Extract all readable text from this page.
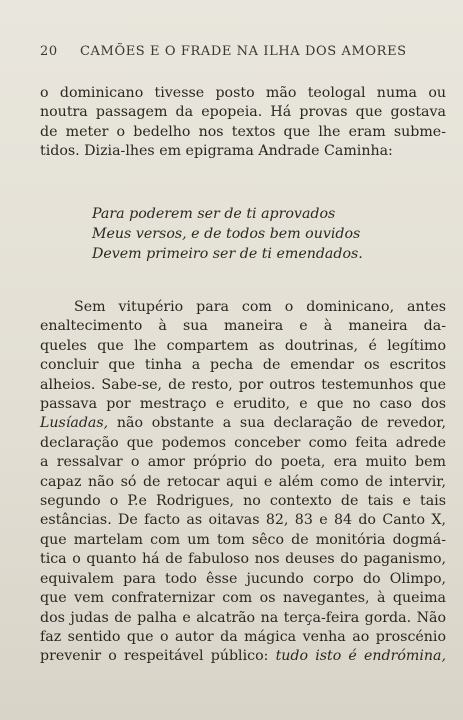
20 CAMÕES E O FRADE NA ILHA DOS AMORES
o dominicano tivesse posto mão teologal numa ou
noutra passagem da epopeia. Há provas que gostava
de meter o bedelho nos textos que lhe eram subme-
tidos. Dizia-lhes em epigrama Andrade Caminha:
Para poderem ser de ti aprovados
Meus versos, e de todos bem ouvidos
Devem primeiro ser de ti emendados.
Sem vitupério para com o dominicano, antes
enaltecimento à sua maneira e à maneira da-
queles que lhe compartem as doutrinas, é legítimo
concluir que tinha a pecha de emendar os escritos
alheios. Sabe-se, de resto, por outros testemunhos que
passava por mestraço e erudito, e que no caso dos
Lusíadas, não obstante a sua declaração de revedor,
declaração que podemos conceber como feita adrede
a ressalvar o amor próprio do poeta, era muito bem
capaz não só de retocar aqui e além como de intervir,
segundo o P.e Rodrigues, no contexto de tais e tais
estâncias. De facto as oitavas 82, 83 e 84 do Canto X,
que martelam com um tom sêco de monitória dogmá-
tica o quanto há de fabuloso nos deuses do paganismo,
equivalem para todo êsse jucundo corpo do Olimpo,
que vem confraternizar com os navegantes, à queima
dos judas de palha e alcatrão na terça-feira gorda. Não
faz sentido que o autor da mágica venha ao proscénio
prevenir o respeitável público: tudo isto é endrómina,
